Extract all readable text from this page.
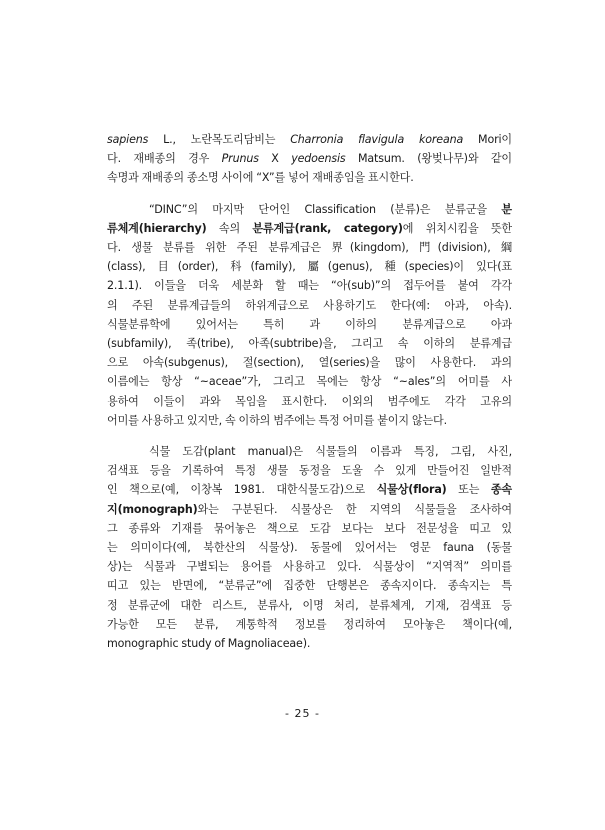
sapiens L., 노란목도리담비는 Charronia flavigula koreana Mori이
다. 재배종의 경우 Prunus X yedoensis Matsum. (왕벚나무)와 같이
속명과 재배종의 종소명 사이에 “X”를 넣어 재배종임을 표시한다.

“DINC”의 마지막 단어인 Classification (분류)은 분류군을 분
류체계(hierarchy) 속의 분류계급(rank, category)에 위치시킴을 뜻한
다. 생물 분류를 위한 주된 분류계급은 界(kingdom), 門(division), 綱
(class), 目(order), 科(family), 屬(genus), 種(species)이 있다(표
2.1.1). 이들을 더욱 세분화 할 때는 “아(sub)”의 접두어를 붙여 각각
의 주된 분류계급들의 하위계급으로 사용하기도 한다(예: 아과, 아속).
식물분류학에 있어서는 특히 과 이하의 분류계급으로 아과
(subfamily), 족(tribe), 아족(subtribe)을, 그리고 속 이하의 분류계급
으로 아속(subgenus), 절(section), 열(series)을 많이 사용한다. 과의
이름에는 항상 “~aceae”가, 그리고 목에는 항상 “~ales”의 어미를 사
용하여 이들이 과와 목임을 표시한다. 이외의 범주에도 각각 고유의
어미를 사용하고 있지만, 속 이하의 범주에는 특정 어미를 붙이지 않는다.

식물 도감(plant manual)은 식물들의 이름과 특징, 그림, 사진,
검색표 등을 기록하여 특정 생물 동정을 도울 수 있게 만들어진 일반적
인 책으로(예, 이창복 1981. 대한식물도감)으로 식물상(flora) 또는 종속
지(monograph)와는 구분된다. 식물상은 한 지역의 식물들을 조사하여
그 종류와 기재를 묶어놓은 책으로 도감 보다는 보다 전문성을 띠고 있
는 의미이다(예, 북한산의 식물상). 동물에 있어서는 영문 fauna (동물
상)는 식물과 구별되는 용어를 사용하고 있다. 식물상이 “지역적” 의미를
띠고 있는 반면에, “분류군”에 집중한 단행본은 종속지이다. 종속지는 특
정 분류군에 대한 리스트, 분류사, 이명 처리, 분류체계, 기재, 검색표 등
가능한 모든 분류, 계통학적 정보를 정리하여 모아놓은 책이다(예,
monographic study of Magnoliaceae).

- 25 -
